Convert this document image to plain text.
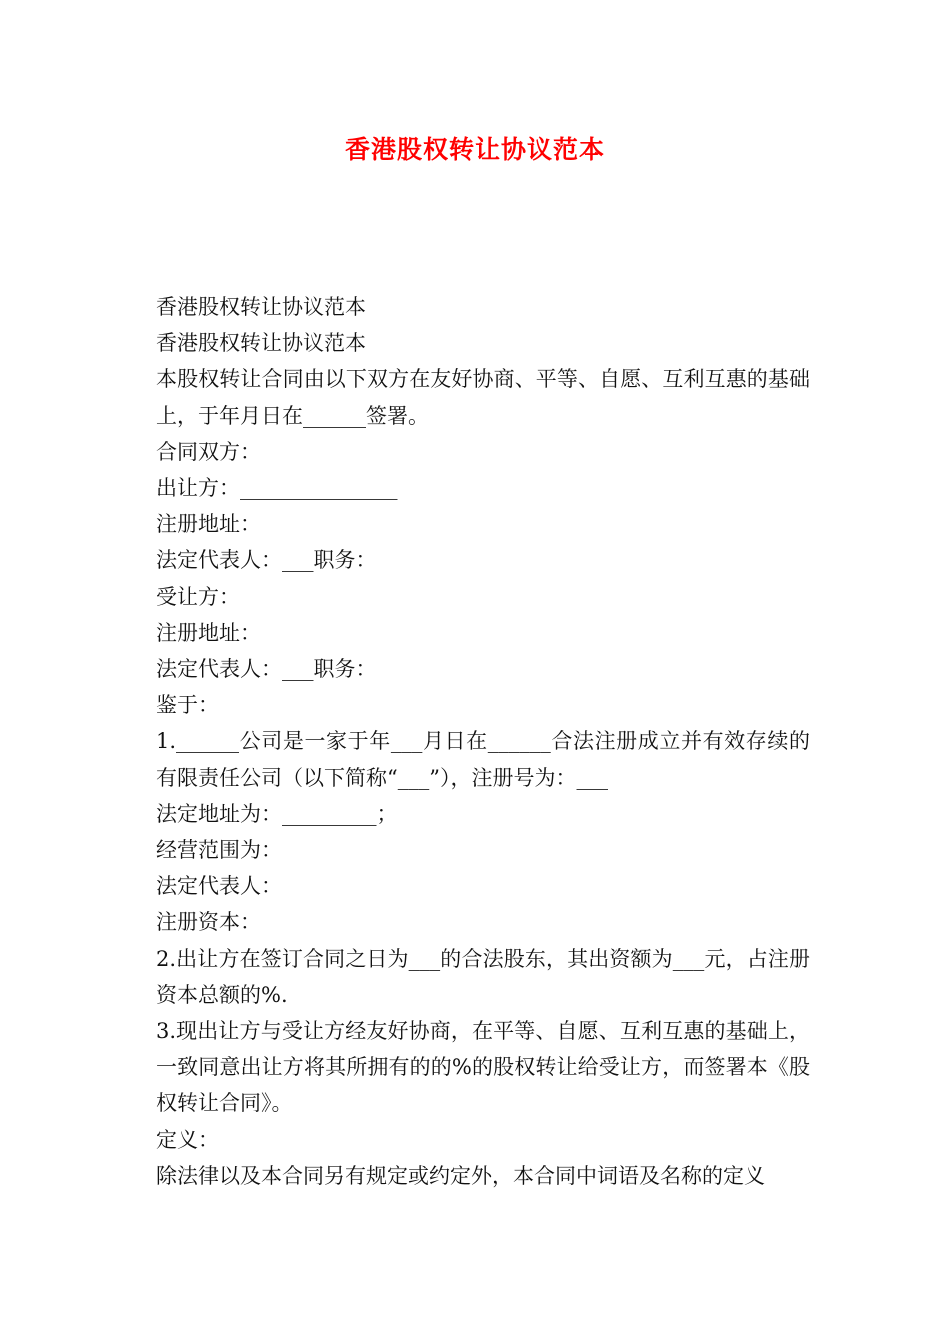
香港股权转让协议范本

香港股权转让协议范本

香港股权转让协议范本

本股权转让合同由以下双方在友好协商、平等、自愿、互利互惠的基础上，于年月日在______签署。

合同双方：

出让方：_______________

注册地址：

法定代表人：___职务：

受让方：

注册地址：

法定代表人：___职务：

鉴于：

1.______公司是一家于年___月日在______合法注册成立并有效存续的有限责任公司（以下简称“___”），注册号为：___

法定地址为：_________；

经营范围为：

法定代表人：

注册资本：

2.出让方在签订合同之日为___的合法股东，其出资额为___元，占注册资本总额的%.

3.现出让方与受让方经友好协商，在平等、自愿、互利互惠的基础上，一致同意出让方将其所拥有的的%的股权转让给受让方，而签署本《股权转让合同》。

定义：

除法律以及本合同另有规定或约定外，本合同中词语及名称的定义
